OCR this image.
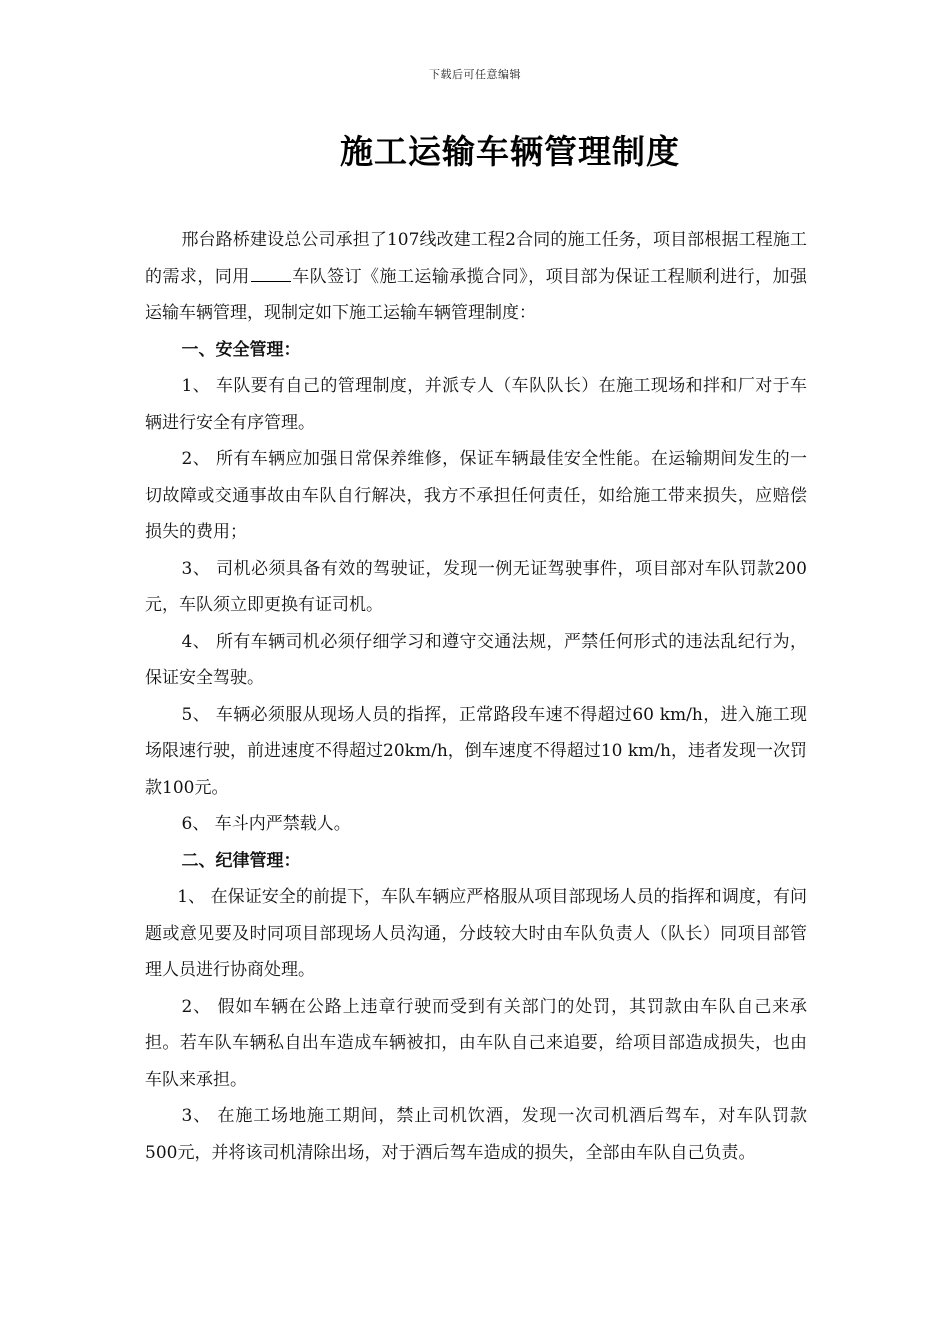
下载后可任意编辑
施工运输车辆管理制度

邢台路桥建设总公司承担了107线改建工程2合同的施工任务，项目部根据工程施工的需求，同用 车队签订《施工运输承揽合同》，项目部为保证工程顺利进行，加强运输车辆管理，现制定如下施工运输车辆管理制度：

一、安全管理：

1、 车队要有自己的管理制度，并派专人（车队队长）在施工现场和拌和厂对于车辆进行安全有序管理。

2、 所有车辆应加强日常保养维修，保证车辆最佳安全性能。在运输期间发生的一切故障或交通事故由车队自行解决，我方不承担任何责任，如给施工带来损失，应赔偿损失的费用；

3、 司机必须具备有效的驾驶证，发现一例无证驾驶事件，项目部对车队罚款200元，车队须立即更换有证司机。

4、 所有车辆司机必须仔细学习和遵守交通法规，严禁任何形式的违法乱纪行为，保证安全驾驶。

5、 车辆必须服从现场人员的指挥，正常路段车速不得超过60 km/h，进入施工现场限速行驶，前进速度不得超过20km/h，倒车速度不得超过10 km/h，违者发现一次罚款100元。

6、 车斗内严禁载人。

二、纪律管理：

1、 在保证安全的前提下，车队车辆应严格服从项目部现场人员的指挥和调度，有问题或意见要及时同项目部现场人员沟通，分歧较大时由车队负责人（队长）同项目部管理人员进行协商处理。

2、 假如车辆在公路上违章行驶而受到有关部门的处罚，其罚款由车队自己来承担。若车队车辆私自出车造成车辆被扣，由车队自己来追要，给项目部造成损失，也由车队来承担。

3、 在施工场地施工期间，禁止司机饮酒，发现一次司机酒后驾车，对车队罚款500元，并将该司机清除出场，对于酒后驾车造成的损失，全部由车队自己负责。
